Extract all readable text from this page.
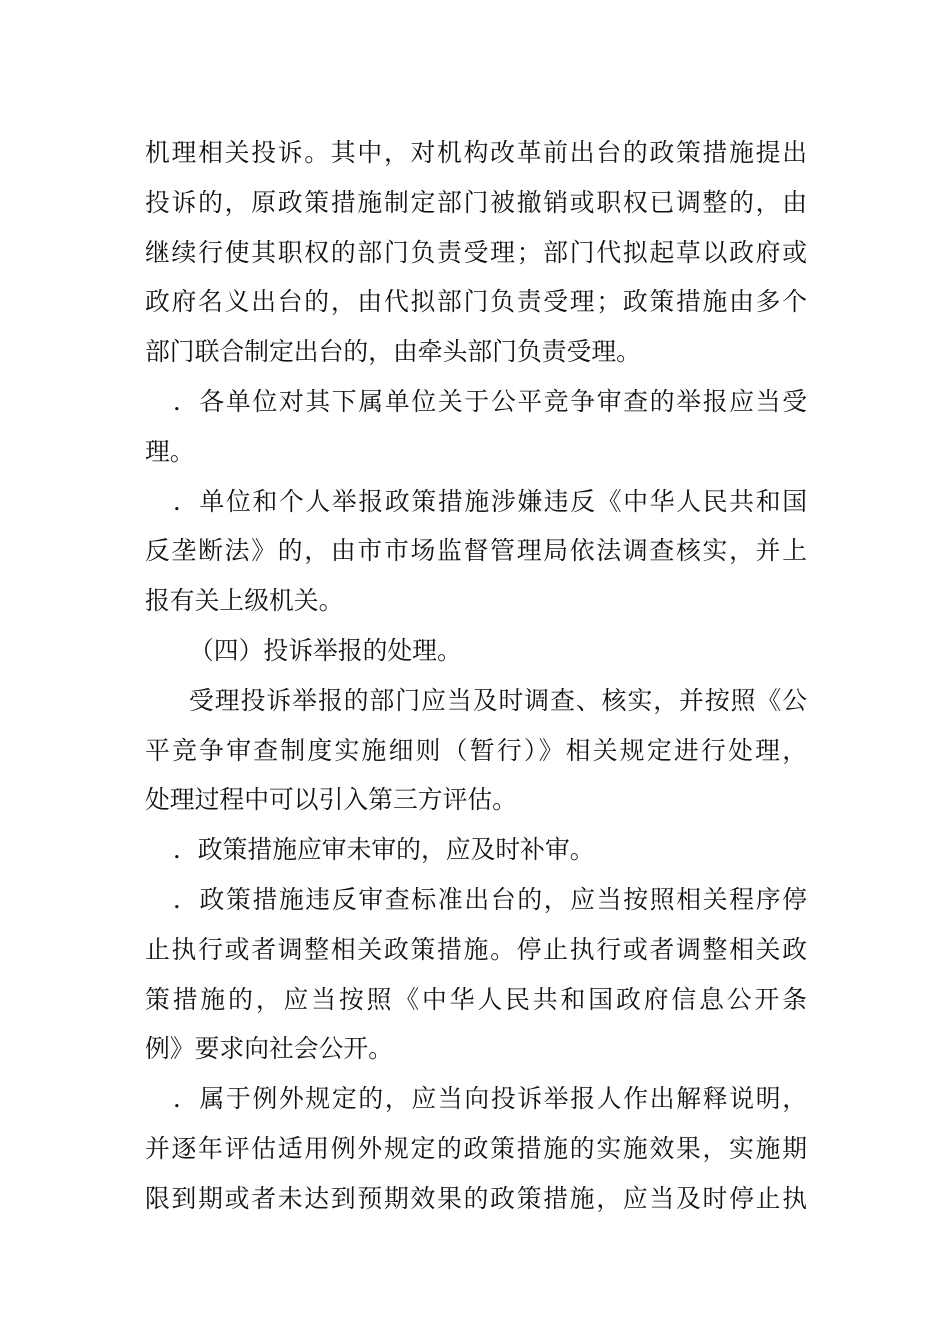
机理相关投诉。其中，对机构改革前出台的政策措施提出
投诉的，原政策措施制定部门被撤销或职权已调整的，由
继续行使其职权的部门负责受理；部门代拟起草以政府或
政府名义出台的，由代拟部门负责受理；政策措施由多个
部门联合制定出台的，由牵头部门负责受理。
．各单位对其下属单位关于公平竞争审查的举报应当受
理。
．单位和个人举报政策措施涉嫌违反《中华人民共和国
反垄断法》的，由市市场监督管理局依法调查核实，并上
报有关上级机关。
（四）投诉举报的处理。
受理投诉举报的部门应当及时调查、核实，并按照《公
平竞争审查制度实施细则（暂行）》相关规定进行处理，
处理过程中可以引入第三方评估。
．政策措施应审未审的，应及时补审。
．政策措施违反审查标准出台的，应当按照相关程序停
止执行或者调整相关政策措施。停止执行或者调整相关政
策措施的，应当按照《中华人民共和国政府信息公开条
例》要求向社会公开。
．属于例外规定的，应当向投诉举报人作出解释说明，
并逐年评估适用例外规定的政策措施的实施效果，实施期
限到期或者未达到预期效果的政策措施，应当及时停止执
